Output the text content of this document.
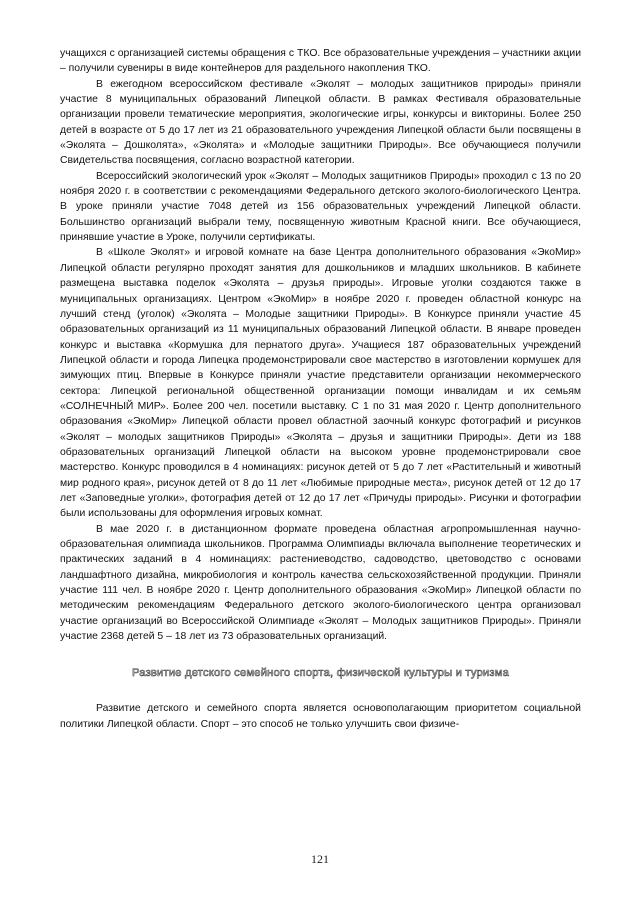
учащихся с организацией системы обращения с ТКО. Все образовательные учреждения – участники акции – получили сувениры в виде контейнеров для раздельного накопления ТКО.

В ежегодном всероссийском фестивале «Эколят – молодых защитников природы» приняли участие 8 муниципальных образований Липецкой области. В рамках Фестиваля образовательные организации провели тематические мероприятия, экологические игры, конкурсы и викторины. Более 250 детей в возрасте от 5 до 17 лет из 21 образовательного учреждения Липецкой области были посвящены в «Эколята – Дошколята», «Эколята» и «Молодые защитники Природы». Все обучающиеся получили Свидетельства посвящения, согласно возрастной категории.

Всероссийский экологический урок «Эколят – Молодых защитников Природы» проходил с 13 по 20 ноября 2020 г. в соответствии с рекомендациями Федерального детского эколого-биологического Центра. В уроке приняли участие 7048 детей из 156 образовательных учреждений Липецкой области. Большинство организаций выбрали тему, посвященную животным Красной книги. Все обучающиеся, принявшие участие в Уроке, получили сертификаты.

В «Школе Эколят» и игровой комнате на базе Центра дополнительного образования «ЭкоМир» Липецкой области регулярно проходят занятия для дошкольников и младших школьников. В кабинете размещена выставка поделок «Эколята – друзья природы». Игровые уголки создаются также в муниципальных организациях. Центром «ЭкоМир» в ноябре 2020 г. проведен областной конкурс на лучший стенд (уголок) «Эколята – Молодые защитники Природы». В Конкурсе приняли участие 45 образовательных организаций из 11 муниципальных образований Липецкой области. В январе проведен конкурс и выставка «Кормушка для пернатого друга». Учащиеся 187 образовательных учреждений Липецкой области и города Липецка продемонстрировали свое мастерство в изготовлении кормушек для зимующих птиц. Впервые в Конкурсе приняли участие представители организации некоммерческого сектора: Липецкой региональной общественной организации помощи инвалидам и их семьям «СОЛНЕЧНЫЙ МИР». Более 200 чел. посетили выставку. С 1 по 31 мая 2020 г. Центр дополнительного образования «ЭкоМир» Липецкой области провел областной заочный конкурс фотографий и рисунков «Эколят – молодых защитников Природы» «Эколята – друзья и защитники Природы». Дети из 188 образовательных организаций Липецкой области на высоком уровне продемонстрировали свое мастерство. Конкурс проводился в 4 номинациях: рисунок детей от 5 до 7 лет «Растительный и животный мир родного края», рисунок детей от 8 до 11 лет «Любимые природные места», рисунок детей от 12 до 17 лет «Заповедные уголки», фотография детей от 12 до 17 лет «Причуды природы». Рисунки и фотографии были использованы для оформления игровых комнат.

В мае 2020 г. в дистанционном формате проведена областная агропромышленная научно-образовательная олимпиада школьников. Программа Олимпиады включала выполнение теоретических и практических заданий в 4 номинациях: растениеводство, садоводство, цветоводство с основами ландшафтного дизайна, микробиология и контроль качества сельскохозяйственной продукции. Приняли участие 111 чел. В ноябре 2020 г. Центр дополнительного образования «ЭкоМир» Липецкой области по методическим рекомендациям Федерального детского эколого-биологического центра организовал участие организаций во Всероссийской Олимпиаде «Эколят – Молодых защитников Природы». Приняли участие 2368 детей 5 – 18 лет из 73 образовательных организаций.

Развитие детского семейного спорта, физической культуры и туризма

Развитие детского и семейного спорта является основополагающим приоритетом социальной политики Липецкой области. Спорт – это способ не только улучшить свои физиче-

121
